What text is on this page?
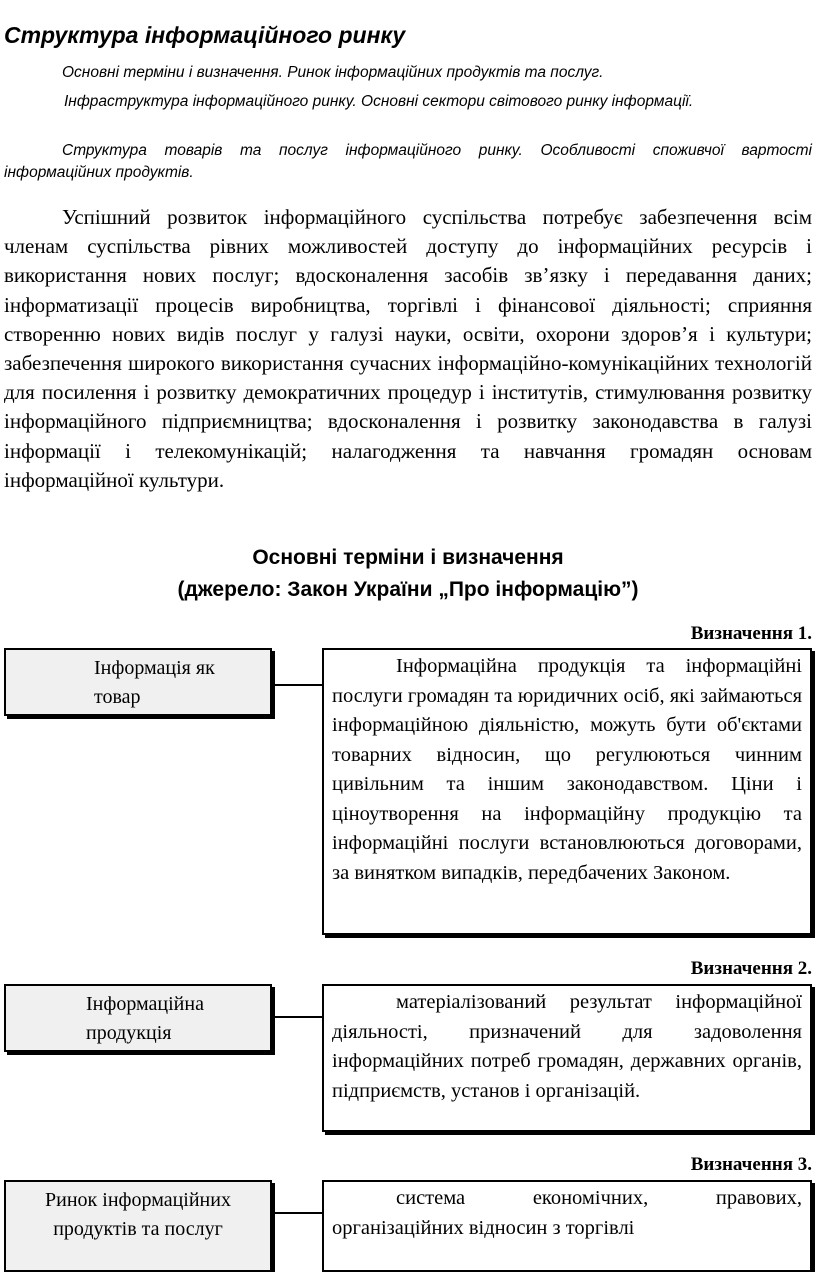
Структура інформаційного ринку

Основні терміни і визначення. Ринок інформаційних продуктів та послуг.

Інфраструктура інформаційного ринку. Основні сектори світового ринку інформації.

Структура товарів та послуг інформаційного ринку. Особливості споживчої вартості інформаційних продуктів.

Успішний розвиток інформаційного суспільства потребує забезпечення всім членам суспільства рівних можливостей доступу до інформаційних ресурсів і використання нових послуг; вдосконалення засобів зв’язку і передавання даних; інформатизації процесів виробництва, торгівлі і фінансової діяльності; сприяння створенню нових видів послуг у галузі науки, освіти, охорони здоров’я і культури; забезпечення широкого використання сучасних інформаційно-комунікаційних технологій для посилення і розвитку демократичних процедур і інститутів, стимулювання розвитку інформаційного підприємництва; вдосконалення і розвитку законодавства в галузі інформації і телекомунікацій; налагодження та навчання громадян основам інформаційної культури.

Основні терміни і визначення

(джерело: Закон України „Про інформацію”)

Визначення 1.

Інформація як товар
Інформаційна продукція та інформаційні послуги громадян та юридичних осіб, які займаються інформаційною діяльністю, можуть бути об'єктами товарних відносин, що регулюються чинним цивільним та іншим законодавством. Ціни і ціноутворення на інформаційну продукцію та інформаційні послуги встановлюються договорами, за винятком випадків, передбачених Законом.

Визначення 2.

Інформаційна продукція
матеріалізований результат інформаційної діяльності, призначений для задоволення інформаційних потреб громадян, державних органів, підприємств, установ і організацій.

Визначення 3.

Ринок інформаційних продуктів та послуг
система економічних, правових, організаційних відносин з торгівлі
